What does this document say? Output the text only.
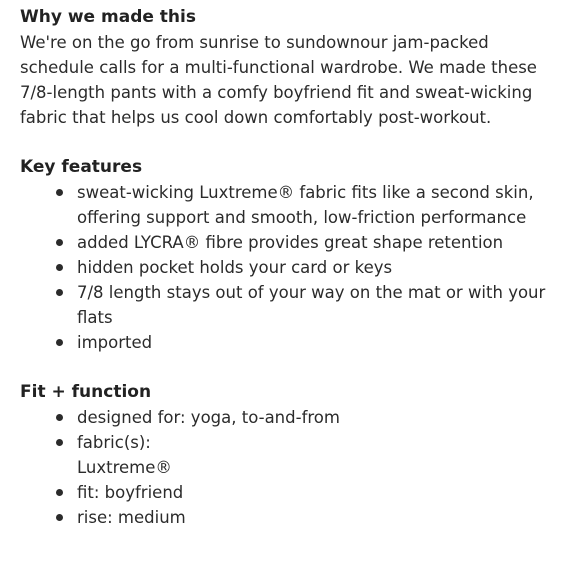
Why we made this
We're on the go from sunrise to sundownour jam-packed
schedule calls for a multi-functional wardrobe. We made these
7/8-length pants with a comfy boyfriend fit and sweat-wicking
fabric that helps us cool down comfortably post-workout.
Key features
sweat-wicking Luxtreme® fabric fits like a second skin,
offering support and smooth, low-friction performance
added LYCRA® fibre provides great shape retention
hidden pocket holds your card or keys
7/8 length stays out of your way on the mat or with your
flats
imported
Fit + function
designed for: yoga, to-and-from
fabric(s):
Luxtreme®
fit: boyfriend
rise: medium
